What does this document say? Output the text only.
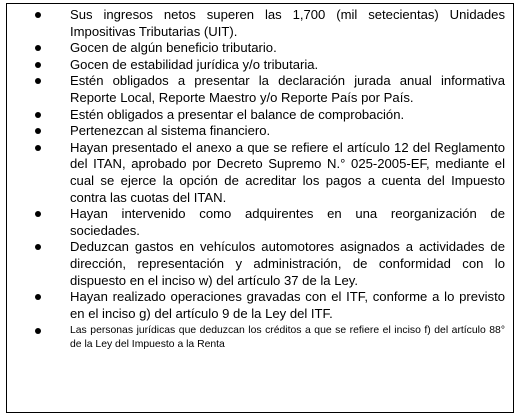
Sus ingresos netos superen las 1,700 (mil setecientas) Unidades Impositivas Tributarias (UIT).
Gocen de algún beneficio tributario.
Gocen de estabilidad jurídica y/o tributaria.
Estén obligados a presentar la declaración jurada anual informativa Reporte Local, Reporte Maestro y/o Reporte País por País.
Estén obligados a presentar el balance de comprobación.
Pertenezcan al sistema financiero.
Hayan presentado el anexo a que se refiere el artículo 12 del Reglamento del ITAN, aprobado por Decreto Supremo N.° 025-2005-EF, mediante el cual se ejerce la opción de acreditar los pagos a cuenta del Impuesto contra las cuotas del ITAN.
Hayan intervenido como adquirentes en una reorganización de sociedades.
Deduzcan gastos en vehículos automotores asignados a actividades de dirección, representación y administración, de conformidad con lo dispuesto en el inciso w) del artículo 37 de la Ley.
Hayan realizado operaciones gravadas con el ITF, conforme a lo previsto en el inciso g) del artículo 9 de la Ley del ITF.
Las personas jurídicas que deduzcan los créditos a que se refiere el inciso f) del artículo 88° de la Ley del Impuesto a la Renta
